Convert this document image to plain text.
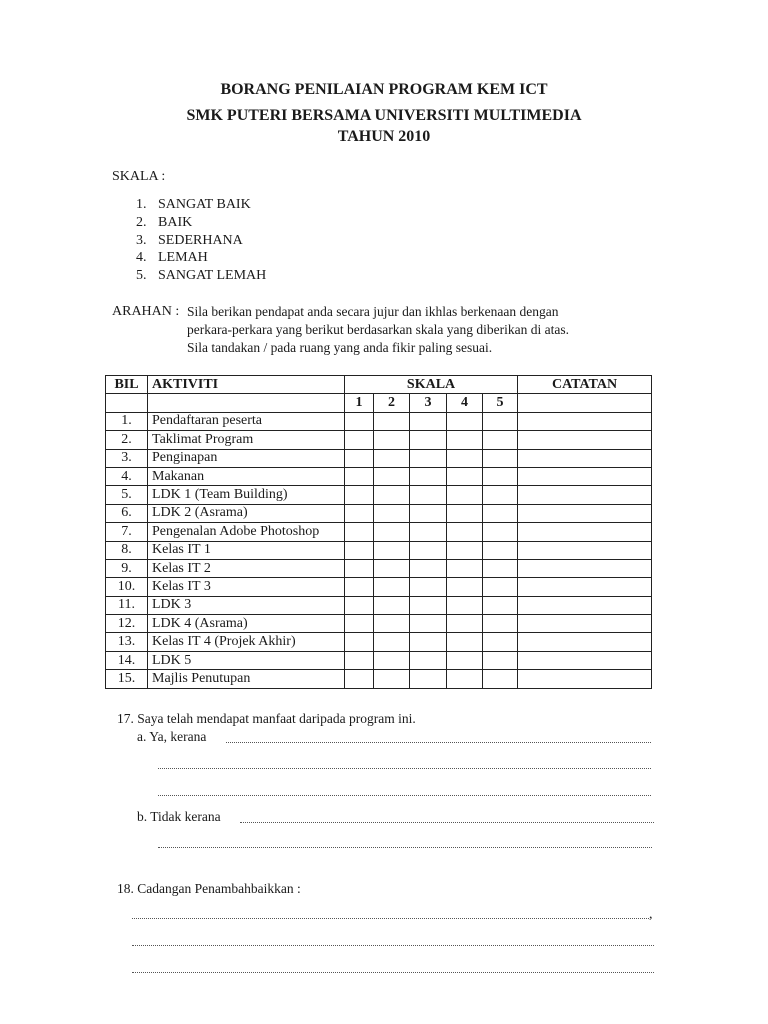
BORANG PENILAIAN PROGRAM KEM ICT
SMK PUTERI BERSAMA UNIVERSITI MULTIMEDIA
TAHUN 2010

SKALA :

1. SANGAT BAIK
2. BAIK
3. SEDERHANA
4. LEMAH
5. SANGAT LEMAH

ARAHAN : Sila berikan pendapat anda secara jujur dan ikhlas berkenaan dengan

perkara-perkara yang berikut berdasarkan skala yang diberikan di atas.

Sila tandakan / pada ruang yang anda fikir paling sesuai.

BIL	AKTIVITI	SKALA					CATATAN
		1	2	3	4	5	
1.	Pendaftaran peserta						
2.	Taklimat Program						
3.	Penginapan						
4.	Makanan						
5.	LDK 1 (Team Building)						
6.	LDK 2 (Asrama)						
7.	Pengenalan Adobe Photoshop						
8.	Kelas IT 1						
9.	Kelas IT 2						
10.	Kelas IT 3						
11.	LDK 3						
12.	LDK 4 (Asrama)						
13.	Kelas IT 4 (Projek Akhir)						
14.	LDK 5						
15.	Majlis Penutupan						

17. Saya telah mendapat manfaat daripada program ini.

a. Ya, kerana

b. Tidak kerana

18. Cadangan Penambahbaikkan :

,
